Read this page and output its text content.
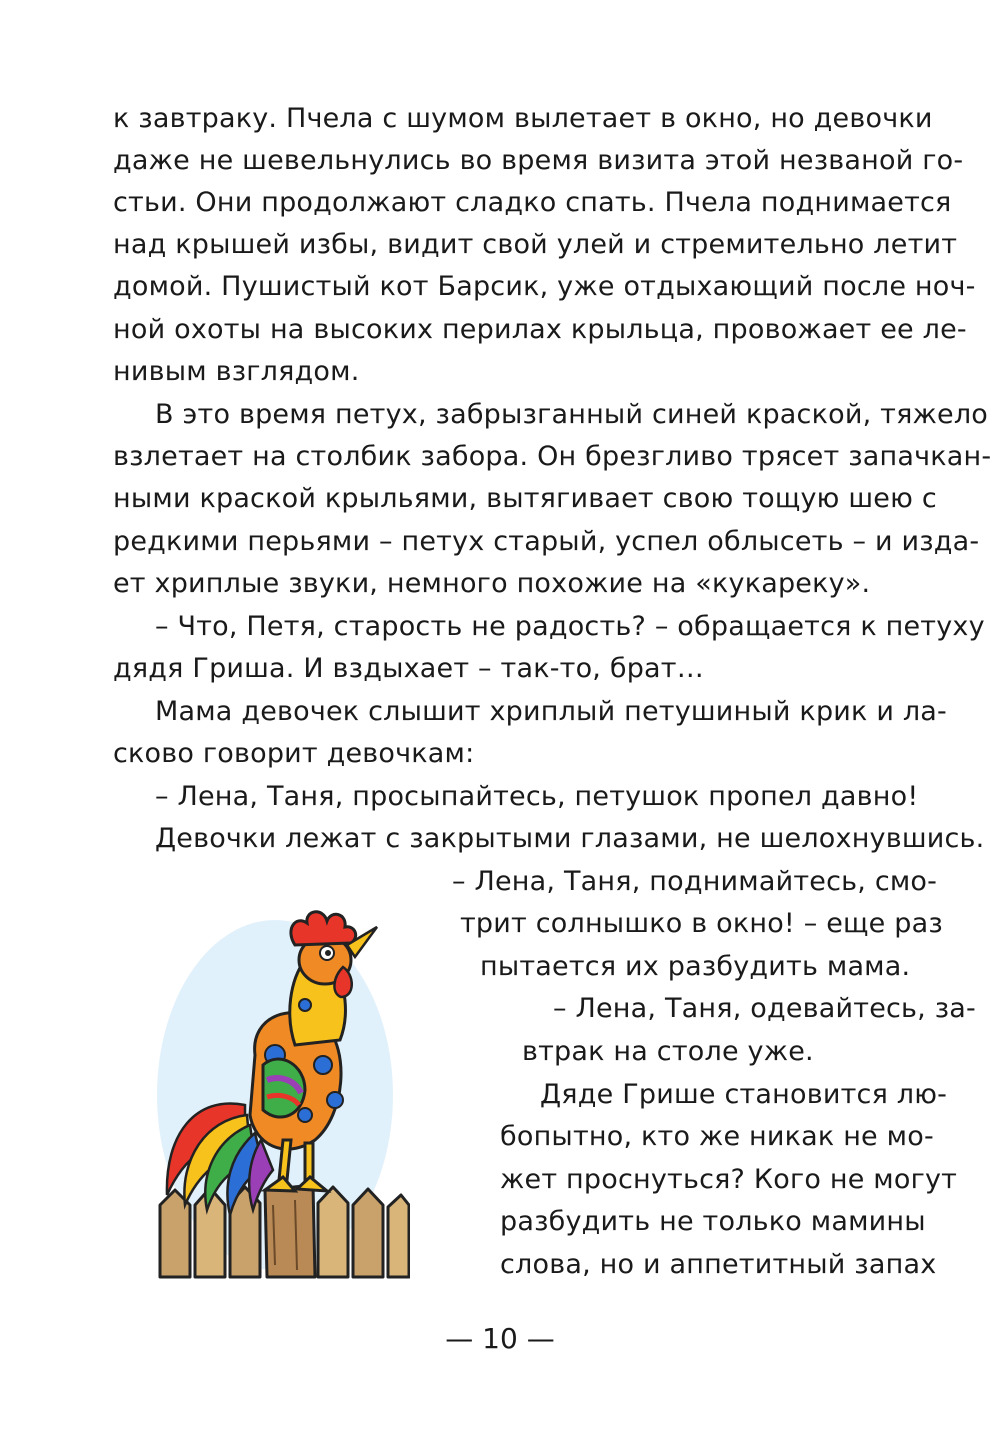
к завтраку. Пчела с шумом вылетает в окно, но девочки
даже не шевельнулись во время визита этой незваной го-
стьи. Они продолжают сладко спать. Пчела поднимается
над крышей избы, видит свой улей и стремительно летит
домой. Пушистый кот Барсик, уже отдыхающий после ноч-
ной охоты на высоких перилах крыльца, провожает ее ле-
нивым взглядом.
В это время петух, забрызганный синей краской, тяжело
взлетает на столбик забора. Он брезгливо трясет запачкан-
ными краской крыльями, вытягивает свою тощую шею с
редкими перьями – петух старый, успел облысеть – и изда-
ет хриплые звуки, немного похожие на «кукареку».
– Что, Петя, старость не радость? – обращается к петуху
дядя Гриша. И вздыхает – так-то, брат…
Мама девочек слышит хриплый петушиный крик и ла-
сково говорит девочкам:
– Лена, Таня, просыпайтесь, петушок пропел давно!
Девочки лежат с закрытыми глазами, не шелохнувшись.
– Лена, Таня, поднимайтесь, смо-
трит солнышко в окно! – еще раз
пытается их разбудить мама.
– Лена, Таня, одевайтесь, за-
втрак на столе уже.
Дяде Грише становится лю-
бопытно, кто же никак не мо-
жет проснуться? Кого не могут
разбудить не только мамины
слова, но и аппетитный запах
— 10 —
